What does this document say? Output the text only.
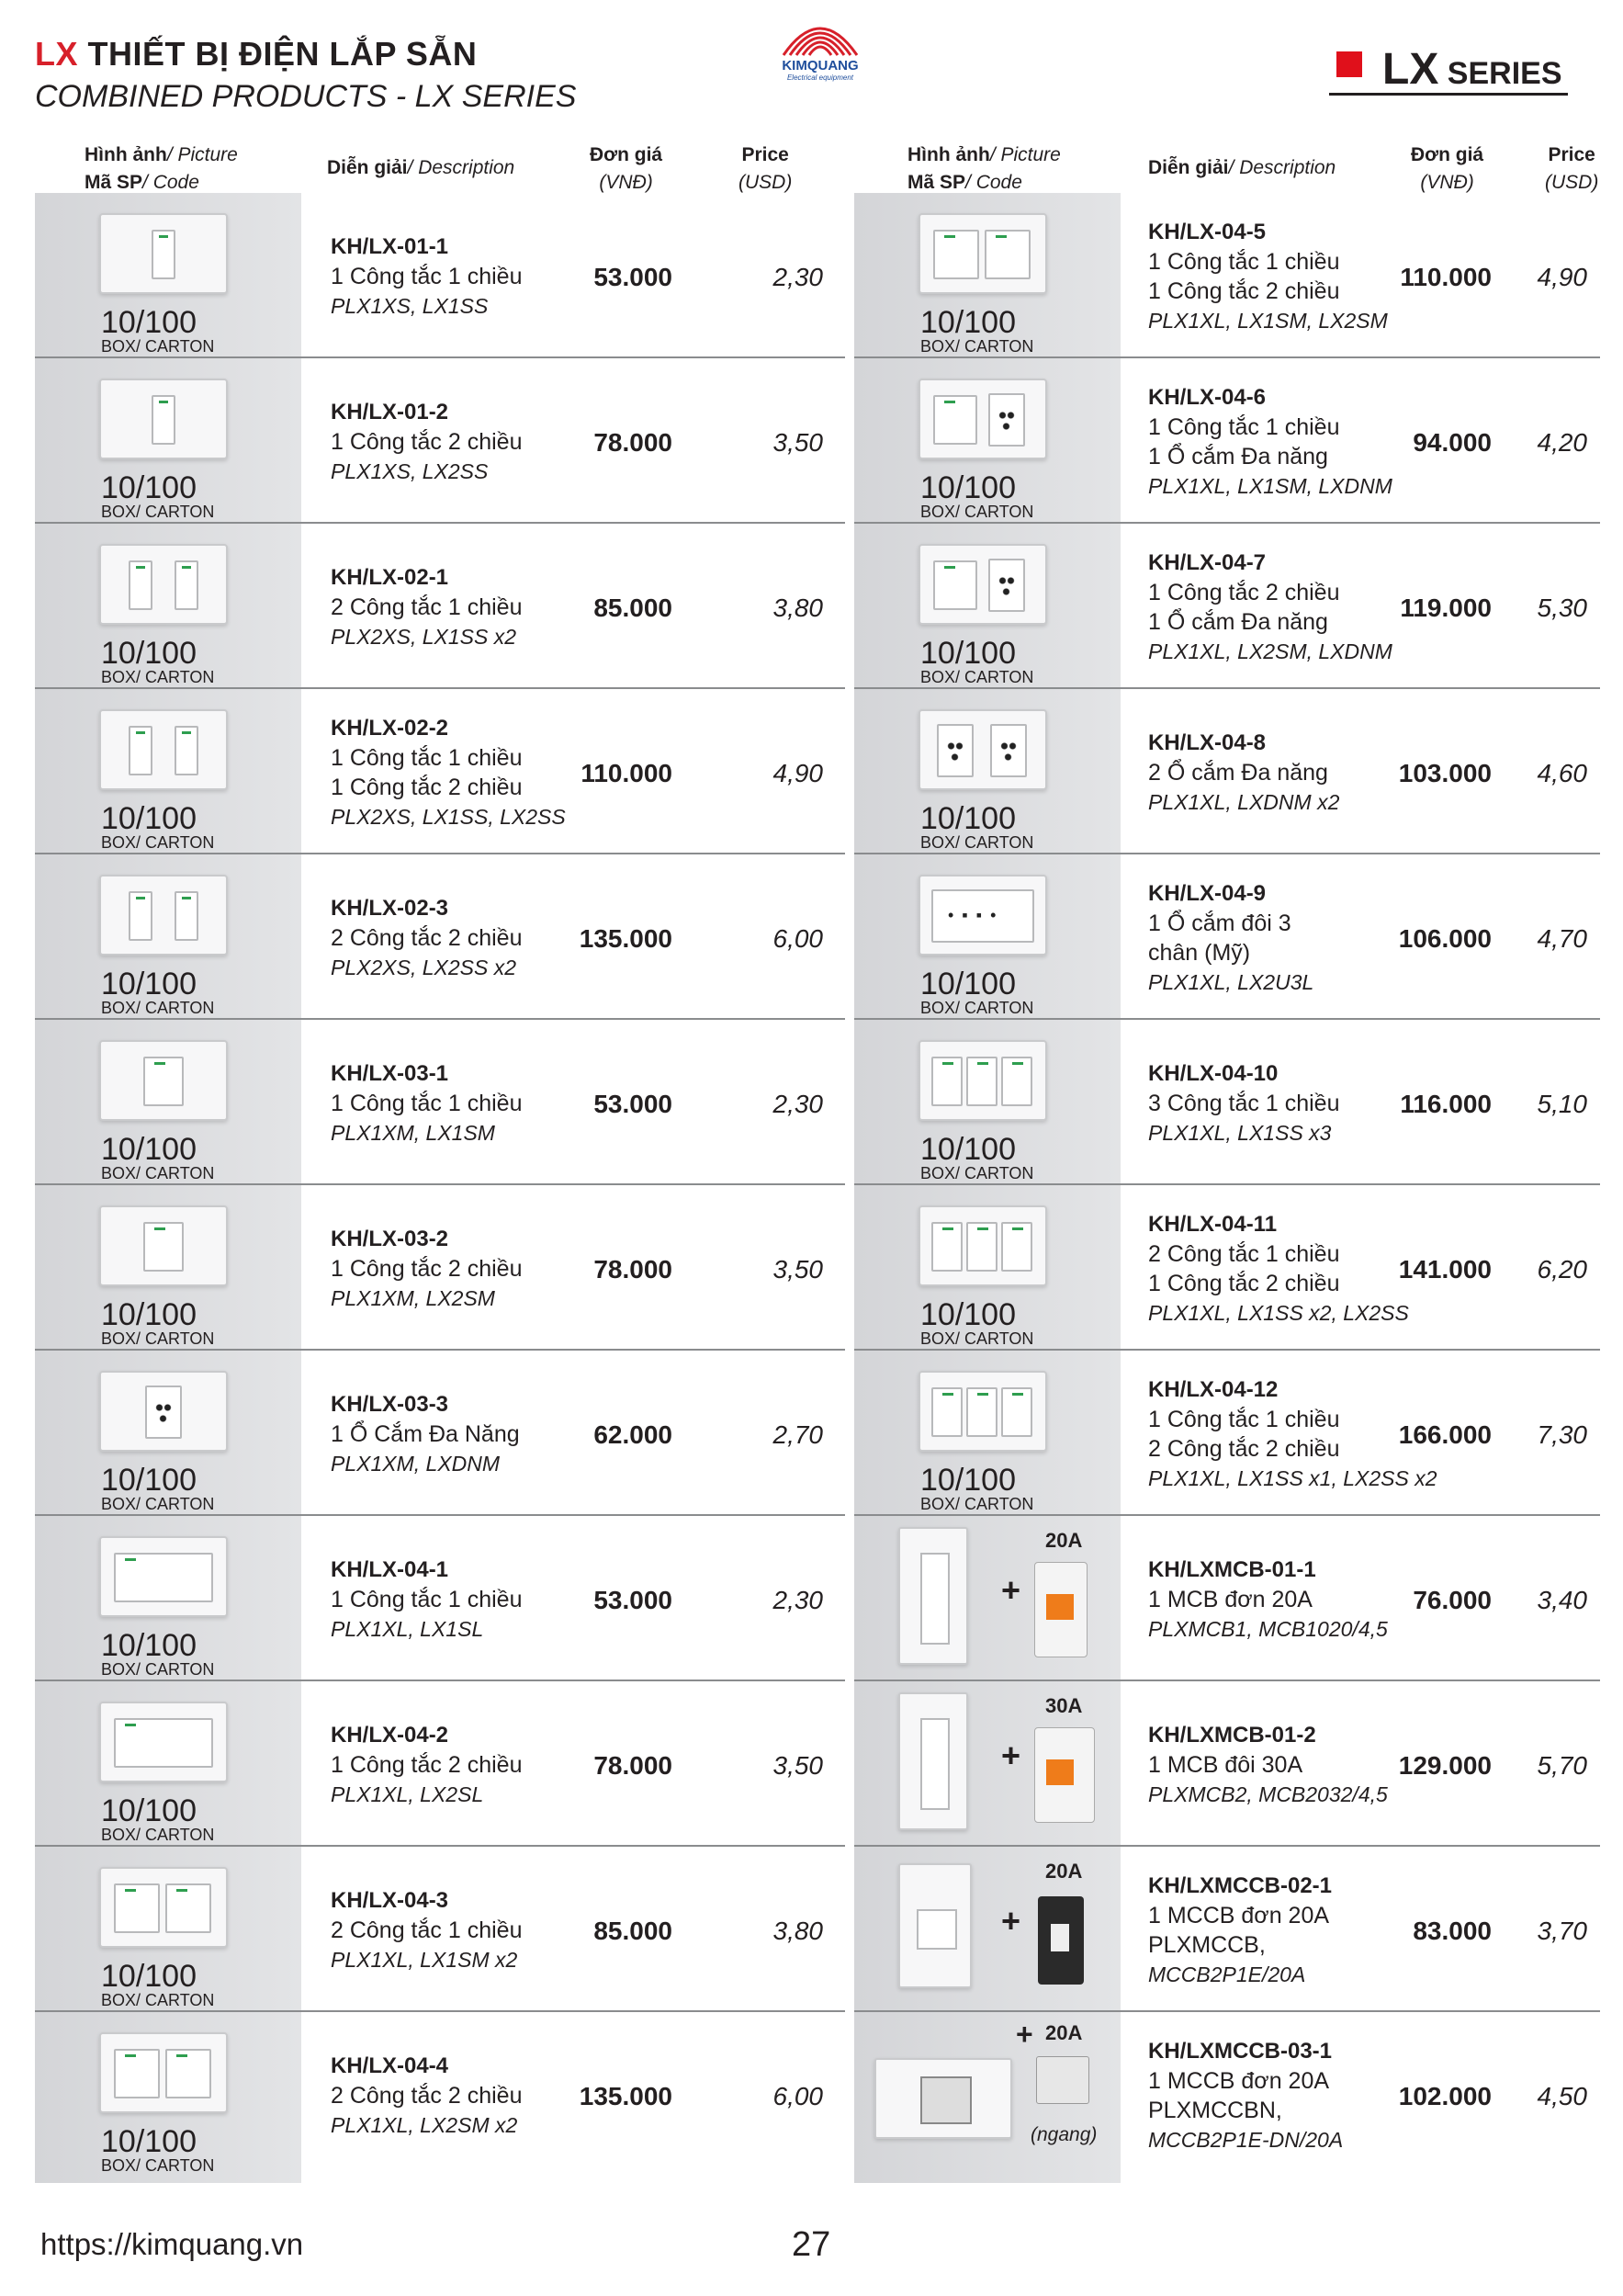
LX THIẾT BỊ ĐIỆN LẮP SẴN
COMBINED PRODUCTS - LX SERIES
KIMQUANG
Electrical equipment	LX SERIES
Hình ảnh/ Picture
Mã SP/ Code
Diễn giải/ Description
Đơn giá
(VNĐ)
Price
(USD)
Hình ảnh/ Picture
Mã SP/ Code
Diễn giải/ Description
Đơn giá
(VNĐ)
Price
(USD)
10/100
BOX/ CARTON
KH/LX-01-1
1 Công tắc 1 chiều
PLX1XS, LX1SS
53.000	2,30
10/100
BOX/ CARTON
KH/LX-01-2
1 Công tắc 2 chiều
PLX1XS, LX2SS
78.000	3,50
10/100
BOX/ CARTON
KH/LX-02-1
2 Công tắc 1 chiều
PLX2XS, LX1SS x2
85.000	3,80
10/100
BOX/ CARTON
KH/LX-02-2
1 Công tắc 1 chiều
1 Công tắc 2 chiều
PLX2XS, LX1SS, LX2SS
110.000	4,90
10/100
BOX/ CARTON
KH/LX-02-3
2 Công tắc 2 chiều
PLX2XS, LX2SS x2
135.000	6,00
10/100
BOX/ CARTON
KH/LX-03-1
1 Công tắc 1 chiều
PLX1XM, LX1SM
53.000	2,30
10/100
BOX/ CARTON
KH/LX-03-2
1 Công tắc 2 chiều
PLX1XM, LX2SM
78.000	3,50
10/100
BOX/ CARTON
KH/LX-03-3
1 Ổ Cắm Đa Năng
PLX1XM, LXDNM
62.000	2,70
10/100
BOX/ CARTON
KH/LX-04-1
1 Công tắc 1 chiều
PLX1XL, LX1SL
53.000	2,30
10/100
BOX/ CARTON
KH/LX-04-2
1 Công tắc 2 chiều
PLX1XL, LX2SL
78.000	3,50
10/100
BOX/ CARTON
KH/LX-04-3
2 Công tắc 1 chiều
PLX1XL, LX1SM x2
85.000	3,80
10/100
BOX/ CARTON
KH/LX-04-4
2 Công tắc 2 chiều
PLX1XL, LX2SM x2
135.000	6,00
10/100
BOX/ CARTON
KH/LX-04-5
1 Công tắc 1 chiều
1 Công tắc 2 chiều
PLX1XL, LX1SM, LX2SM
110.000 4,90
10/100
BOX/ CARTON
KH/LX-04-6
1 Công tắc 1 chiều
1 Ổ cắm Đa năng
PLX1XL, LX1SM, LXDNM
94.000 4,20
10/100
BOX/ CARTON
KH/LX-04-7
1 Công tắc 2 chiều
1 Ổ cắm Đa năng
PLX1XL, LX2SM, LXDNM
119.000 5,30
10/100
BOX/ CARTON
KH/LX-04-8
2 Ổ cắm Đa năng
PLX1XL, LXDNM x2
103.000 4,60
• ▪ ▪ •
10/100
BOX/ CARTON
KH/LX-04-9
1 Ổ cắm đôi 3
chân (Mỹ)
PLX1XL, LX2U3L
106.000 4,70
10/100
BOX/ CARTON
KH/LX-04-10
3 Công tắc 1 chiều
PLX1XL, LX1SS x3
116.000 5,10
10/100
BOX/ CARTON
KH/LX-04-11
2 Công tắc 1 chiều
1 Công tắc 2 chiều
PLX1XL, LX1SS x2, LX2SS
141.000 6,20
10/100
BOX/ CARTON
KH/LX-04-12
1 Công tắc 1 chiều
2 Công tắc 2 chiều
PLX1XL, LX1SS x1, LX2SS x2
166.000 7,30
+
20A
KH/LXMCB-01-1
1 MCB đơn 20A
PLXMCB1, MCB1020/4,5
76.000 3,40
+
30A
KH/LXMCB-01-2
1 MCB đôi 30A
PLXMCB2, MCB2032/4,5
129.000 5,70
+
20A
KH/LXMCCB-02-1
1 MCCB đơn 20A
PLXMCCB,
MCCB2P1E/20A
83.000 3,70
+ 20A
(ngang)
KH/LXMCCB-03-1
1 MCCB đơn 20A
PLXMCCBN,
MCCB2P1E-DN/20A
102.000 4,50
https://kimquang.vn	27
